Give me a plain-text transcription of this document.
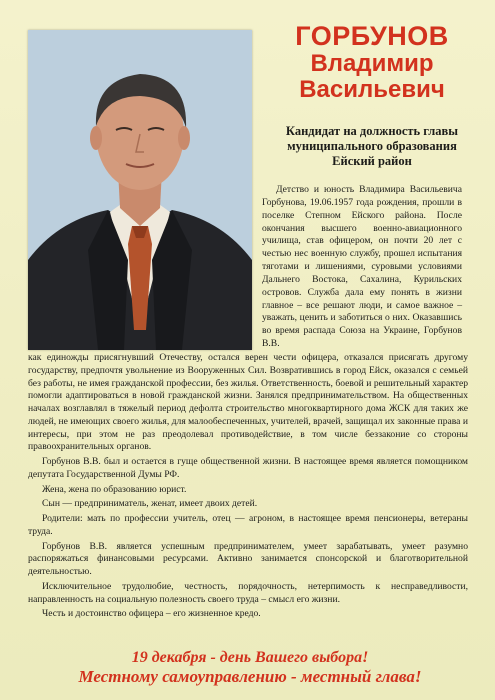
ГОРБУНОВ
Владимир
Васильевич
Кандидат на должность главы
муниципального образования
Ейский район

Детство и юность Владимира Васильевича Горбунова, 19.06.1957 года рождения, прошли в поселке Степном Ейского района. После окончания высшего военно-авиационного училища, став офицером, он почти 20 лет с честью нес военную службу, прошел испытания тяготами и лишениями, суровыми условиями Дальнего Востока, Сахалина, Курильских островов. Служба дала ему понять в жизни главное – все решают люди, и самое важное – уважать, ценить и заботиться о них. Оказавшись во время распада Союза на Украине, Горбунов В.В.

как единожды присягнувший Отечеству, остался верен чести офицера, отказался присягать другому государству, предпочтя увольнение из Вооруженных Сил. Возвратившись в город Ейск, оказался с семьей без работы, не имея гражданской профессии, без жилья. Ответственность, боевой и решительный характер помогли адаптироваться в новой гражданской жизни. Занялся предпринимательством. На общественных началах возглавлял в тяжелый период дефолта строительство многоквартирного дома ЖСК для таких же людей, не имеющих своего жилья, для малообеспеченных, учителей, врачей, защищал их законные права и интересы, при этом не раз преодолевал противодействие, в том числе беззаконие со стороны правоохранительных органов.

Горбунов В.В. был и остается в гуще общественной жизни. В настоящее время является помощником депутата Государственной Думы РФ.

Жена, жена по образованию юрист.

Сын — предприниматель, женат, имеет двоих детей.

Родители: мать по профессии учитель, отец — агроном, в настоящее время пенсионеры, ветераны труда.

Горбунов В.В. является успешным предпринимателем, умеет зарабатывать, умеет разумно распоряжаться финансовыми ресурсами. Активно занимается спонсорской и благотворительной деятельностью.

Исключительное трудолюбие, честность, порядочность, нетерпимость к несправедливости, направленность на социальную полезность своего труда – смысл его жизни.

Честь и достоинство офицера – его жизненное кредо.

19 декабря - день Вашего выбора!
Местному самоуправлению - местный глава!
